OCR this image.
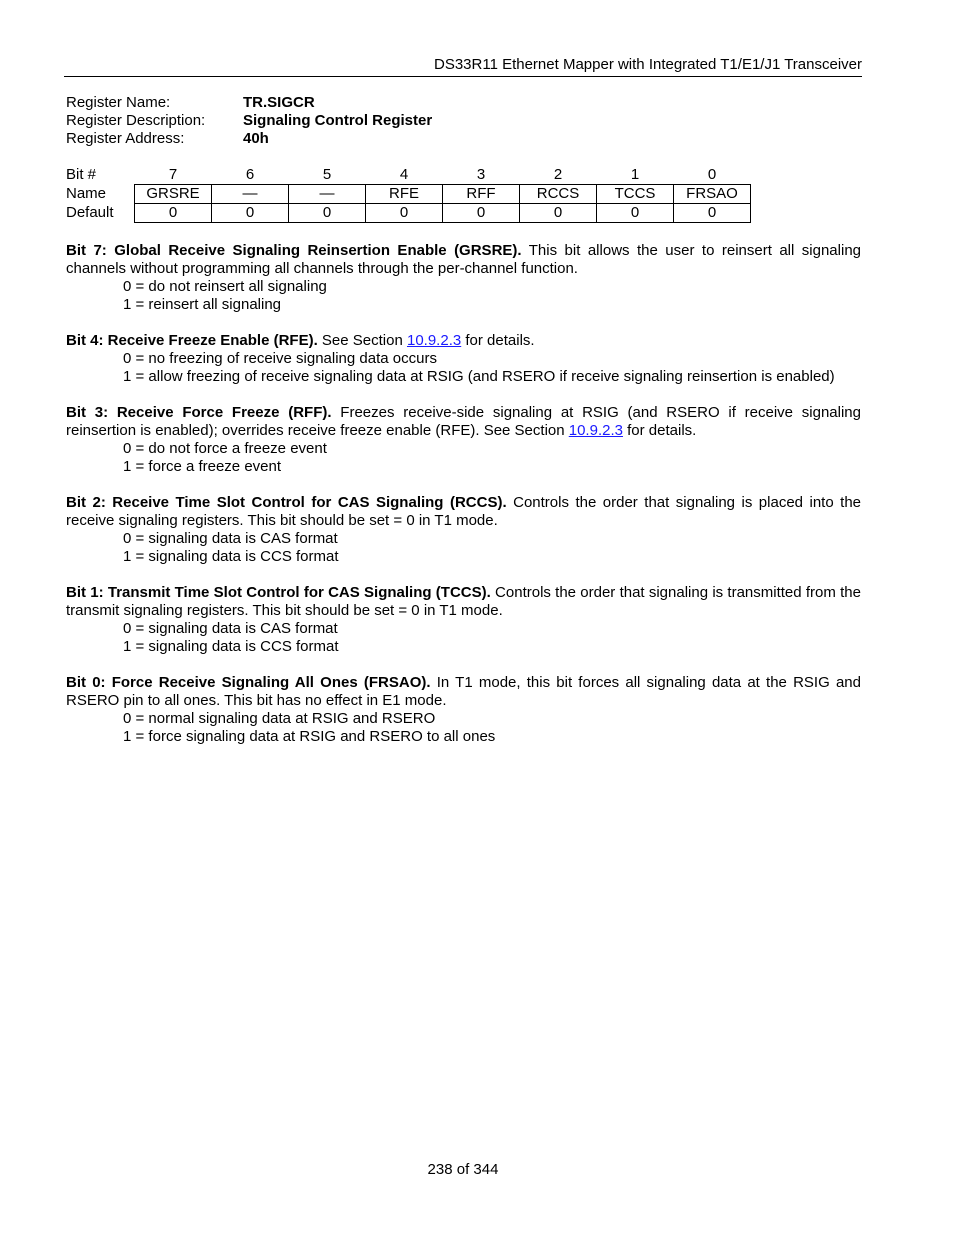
DS33R11 Ethernet Mapper with Integrated T1/E1/J1 Transceiver
Register Name:	TR.SIGCR
Register Description:	Signaling Control Register
Register Address:	40h
Bit #	7	6	5	4	3	2	1	0
Name	GRSRE	—	—	RFE	RFF	RCCS	TCCS	FRSAO
Default	0	0	0	0	0	0	0	0

Bit 7: Global Receive Signaling Reinsertion Enable (GRSRE). This bit allows the user to reinsert all signaling channels without programming all channels through the per-channel function.

0 = do not reinsert all signaling

1 = reinsert all signaling

Bit 4: Receive Freeze Enable (RFE). See Section 10.9.2.3 for details.

0 = no freezing of receive signaling data occurs

1 = allow freezing of receive signaling data at RSIG (and RSERO if receive signaling reinsertion is enabled)

Bit 3: Receive Force Freeze (RFF). Freezes receive-side signaling at RSIG (and RSERO if receive signaling reinsertion is enabled); overrides receive freeze enable (RFE). See Section 10.9.2.3 for details.

0 = do not force a freeze event

1 = force a freeze event

Bit 2: Receive Time Slot Control for CAS Signaling (RCCS). Controls the order that signaling is placed into the receive signaling registers. This bit should be set = 0 in T1 mode.

0 = signaling data is CAS format

1 = signaling data is CCS format

Bit 1: Transmit Time Slot Control for CAS Signaling (TCCS). Controls the order that signaling is transmitted from the transmit signaling registers. This bit should be set = 0 in T1 mode.

0 = signaling data is CAS format

1 = signaling data is CCS format

Bit 0: Force Receive Signaling All Ones (FRSAO). In T1 mode, this bit forces all signaling data at the RSIG and RSERO pin to all ones. This bit has no effect in E1 mode.

0 = normal signaling data at RSIG and RSERO

1 = force signaling data at RSIG and RSERO to all ones

238 of 344
